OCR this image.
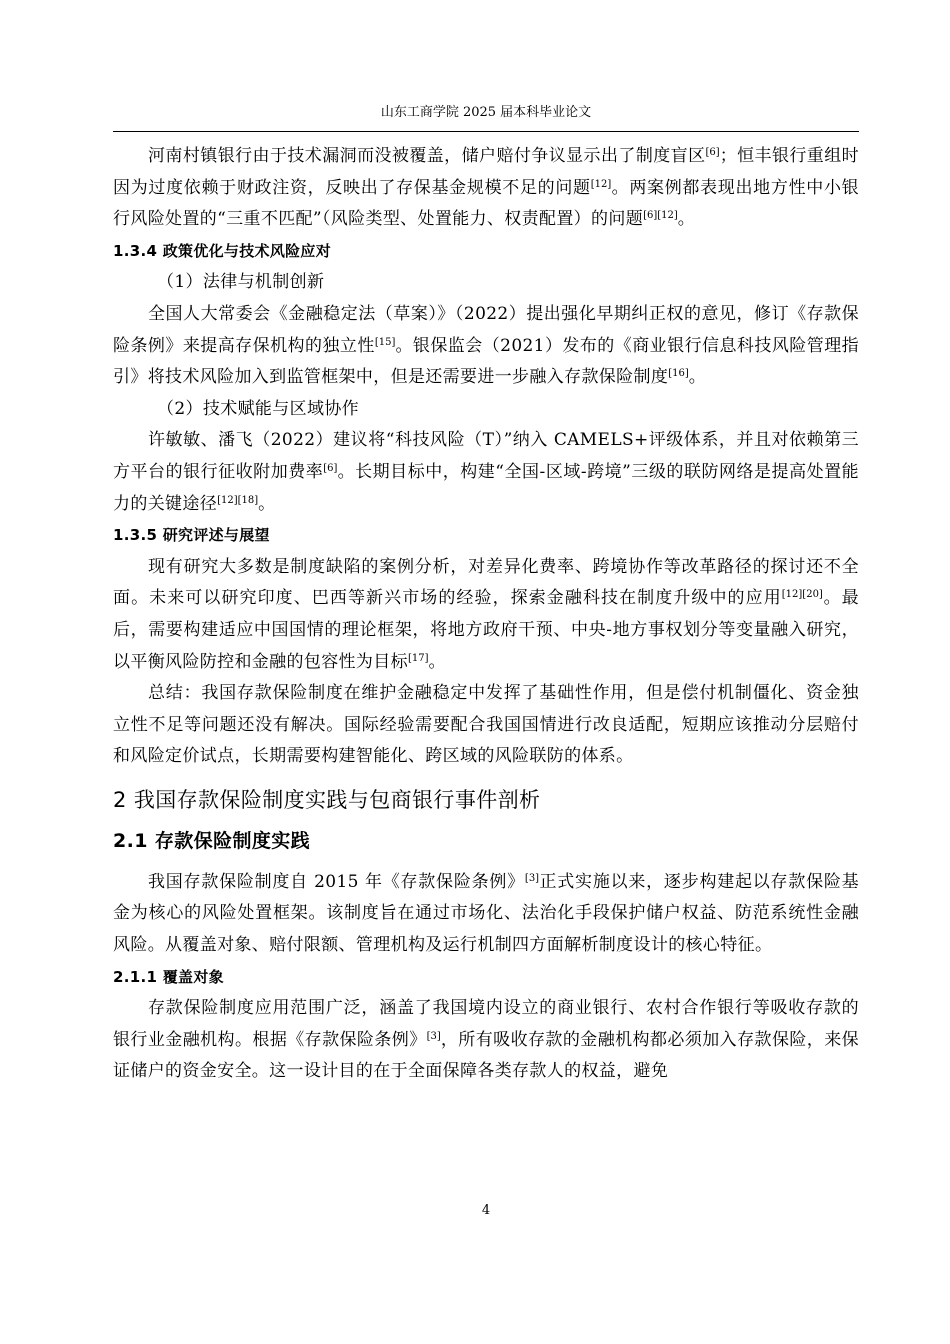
山东工商学院 2025 届本科毕业论文

河南村镇银行由于技术漏洞而没被覆盖，储户赔付争议显示出了制度盲区[6]；恒丰银行重组时因为过度依赖于财政注资，反映出了存保基金规模不足的问题[12]。两案例都表现出地方性中小银行风险处置的“三重不匹配”（风险类型、处置能力、权责配置）的问题[6][12]。

1.3.4 政策优化与技术风险应对

（1）法律与机制创新

全国人大常委会《金融稳定法（草案）》（2022）提出强化早期纠正权的意见，修订《存款保险条例》来提高存保机构的独立性[15]。银保监会（2021）发布的《商业银行信息科技风险管理指引》将技术风险加入到监管框架中，但是还需要进一步融入存款保险制度[16]。

（2）技术赋能与区域协作

许敏敏、潘飞（2022）建议将“科技风险（T）”纳入 CAMELS+评级体系，并且对依赖第三方平台的银行征收附加费率[6]。长期目标中，构建“全国-区域-跨境”三级的联防网络是提高处置能力的关键途径[12][18]。

1.3.5 研究评述与展望

现有研究大多数是制度缺陷的案例分析，对差异化费率、跨境协作等改革路径的探讨还不全面。未来可以研究印度、巴西等新兴市场的经验，探索金融科技在制度升级中的应用[12][20]。最后，需要构建适应中国国情的理论框架，将地方政府干预、中央-地方事权划分等变量融入研究，以平衡风险防控和金融的包容性为目标[17]。

总结：我国存款保险制度在维护金融稳定中发挥了基础性作用，但是偿付机制僵化、资金独立性不足等问题还没有解决。国际经验需要配合我国国情进行改良适配，短期应该推动分层赔付和风险定价试点，长期需要构建智能化、跨区域的风险联防的体系。

2 我国存款保险制度实践与包商银行事件剖析
2.1 存款保险制度实践

我国存款保险制度自 2015 年《存款保险条例》[3]正式实施以来，逐步构建起以存款保险基金为核心的风险处置框架。该制度旨在通过市场化、法治化手段保护储户权益、防范系统性金融风险。从覆盖对象、赔付限额、管理机构及运行机制四方面解析制度设计的核心特征。

2.1.1 覆盖对象

存款保险制度应用范围广泛，涵盖了我国境内设立的商业银行、农村合作银行等吸收存款的银行业金融机构。根据《存款保险条例》[3]，所有吸收存款的金融机构都必须加入存款保险，来保证储户的资金安全。这一设计目的在于全面保障各类存款人的权益，避免

4
